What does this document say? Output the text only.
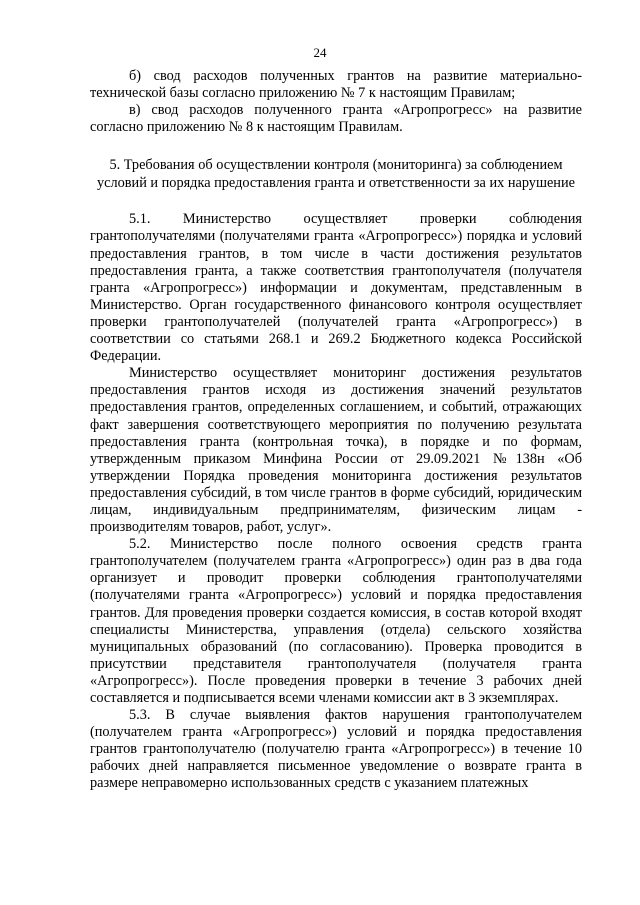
24

б) свод расходов полученных грантов на развитие материально-технической базы согласно приложению № 7 к настоящим Правилам;

в) свод расходов полученного гранта «Агропрогресс» на развитие согласно приложению № 8 к настоящим Правилам.

5. Требования об осуществлении контроля (мониторинга) за соблюдением условий и порядка предоставления гранта и ответственности за их нарушение

5.1. Министерство осуществляет проверки соблюдения грантополучателями (получателями гранта «Агропрогресс») порядка и условий предоставления грантов, в том числе в части достижения результатов предоставления гранта, а также соответствия грантополучателя (получателя гранта «Агропрогресс») информации и документам, представленным в Министерство. Орган государственного финансового контроля осуществляет проверки грантополучателей (получателей гранта «Агропрогресс») в соответствии со статьями 268.1 и 269.2 Бюджетного кодекса Российской Федерации.

Министерство осуществляет мониторинг достижения результатов предоставления грантов исходя из достижения значений результатов предоставления грантов, определенных соглашением, и событий, отражающих факт завершения соответствующего мероприятия по получению результата предоставления гранта (контрольная точка), в порядке и по формам, утвержденным приказом Минфина России от 29.09.2021 №138н «Об утверждении Порядка проведения мониторинга достижения результатов предоставления субсидий, в том числе грантов в форме субсидий, юридическим лицам, индивидуальным предпринимателям, физическим лицам - производителям товаров, работ, услуг».

5.2. Министерство после полного освоения средств гранта грантополучателем (получателем гранта «Агропрогресс») один раз в два года организует и проводит проверки соблюдения грантополучателями (получателями гранта «Агропрогресс») условий и порядка предоставления грантов. Для проведения проверки создается комиссия, в состав которой входят специалисты Министерства, управления (отдела) сельского хозяйства муниципальных образований (по согласованию). Проверка проводится в присутствии представителя грантополучателя (получателя гранта «Агропрогресс»). После проведения проверки в течение 3 рабочих дней составляется и подписывается всеми членами комиссии акт в 3 экземплярах.

5.3. В случае выявления фактов нарушения грантополучателем (получателем гранта «Агропрогресс») условий и порядка предоставления грантов грантополучателю (получателю гранта «Агропрогресс») в течение 10 рабочих дней направляется письменное уведомление о возврате гранта в размере неправомерно использованных средств с указанием платежных
